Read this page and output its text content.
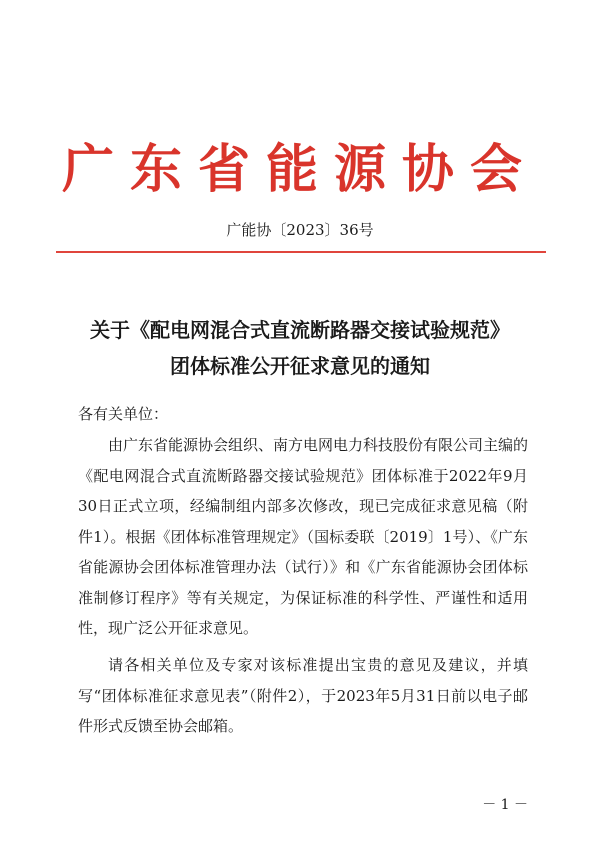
广东省能源协会
广能协〔2023〕36号
关于《配电网混合式直流断路器交接试验规范》
团体标准公开征求意见的通知
各有关单位：
由广东省能源协会组织、南方电网电力科技股份有限公司主编的《配电网混合式直流断路器交接试验规范》团体标准于2022年9月30日正式立项，经编制组内部多次修改，现已完成征求意见稿（附件1）。根据《团体标准管理规定》（国标委联〔2019〕1号）、《广东省能源协会团体标准管理办法（试行）》和《广东省能源协会团体标准制修订程序》等有关规定，为保证标准的科学性、严谨性和适用性，现广泛公开征求意见。
请各相关单位及专家对该标准提出宝贵的意见及建议，并填写“团体标准征求意见表”（附件2），于2023年5月31日前以电子邮件形式反馈至协会邮箱。
－ 1 －
